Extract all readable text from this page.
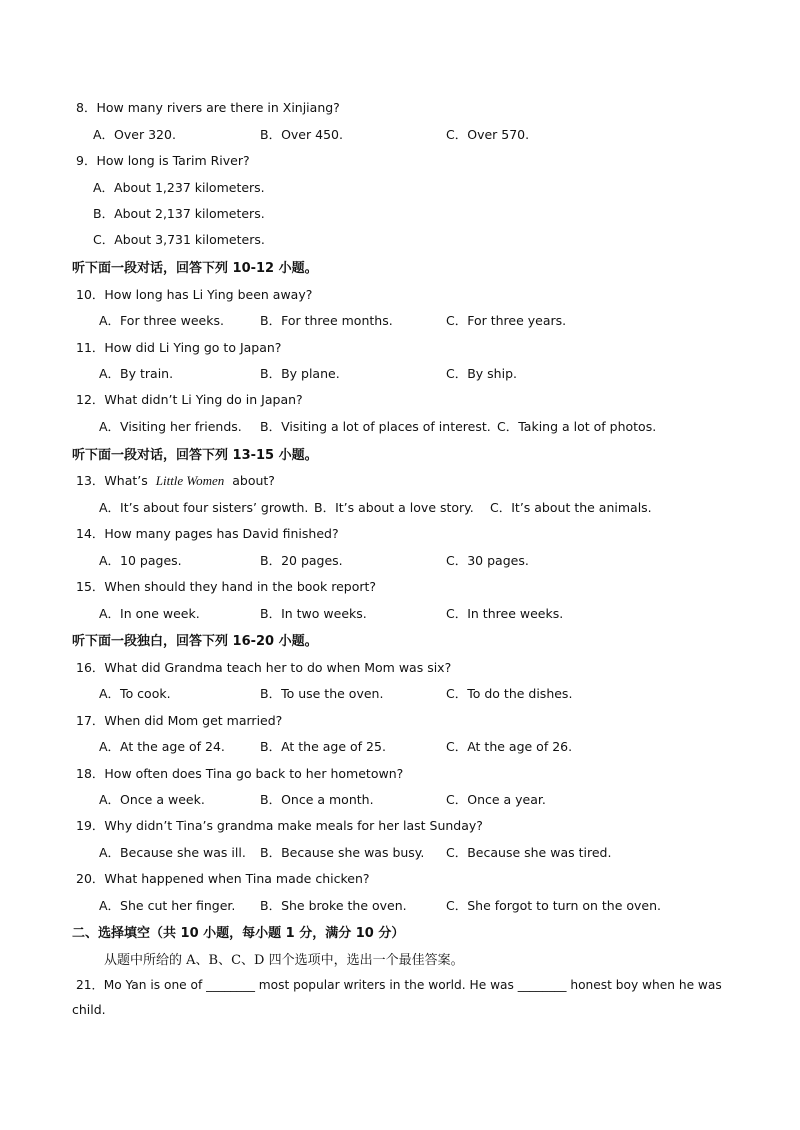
8．How many rivers are there in Xinjiang?
A．Over 320.	B．Over 450.	C．Over 570.
9．How long is Tarim River?
A．About 1,237 kilometers.
B．About 2,137 kilometers.
C．About 3,731 kilometers.
听下面一段对话，回答下列 10-12 小题。
10．How long has Li Ying been away?
A．For three weeks.	B．For three months.	C．For three years.
11．How did Li Ying go to Japan?
A．By train.	B．By plane.	C．By ship.
12．What didn’t Li Ying do in Japan?
A．Visiting her friends. B．Visiting a lot of places of interest. C．Taking a lot of photos.
听下面一段对话，回答下列 13-15 小题。
13．What’s Little Women about?
A．It’s about four sisters’ growth. B．It’s about a love story. C．It’s about the animals.
14．How many pages has David finished?
A．10 pages.	B．20 pages.	C．30 pages.
15．When should they hand in the book report?
A．In one week.	B．In two weeks.	C．In three weeks.
听下面一段独白，回答下列 16-20 小题。
16．What did Grandma teach her to do when Mom was six?
A．To cook.	B．To use the oven.	C．To do the dishes.
17．When did Mom get married?
A．At the age of 24.	B．At the age of 25.	C．At the age of 26.
18．How often does Tina go back to her hometown?
A．Once a week.	B．Once a month.	C．Once a year.
19．Why didn’t Tina’s grandma make meals for her last Sunday?
A．Because she was ill. B．Because she was busy. C．Because she was tired.
20．What happened when Tina made chicken?
A．She cut her finger. B．She broke the oven.	C．She forgot to turn on the oven.
二、选择填空（共 10 小题，每小题 1 分，满分 10 分）
从题中所给的 A、B、C、D 四个选项中，选出一个最佳答案。
21．Mo Yan is one of ________ most popular writers in the world. He was ________ honest boy when he was
child.
